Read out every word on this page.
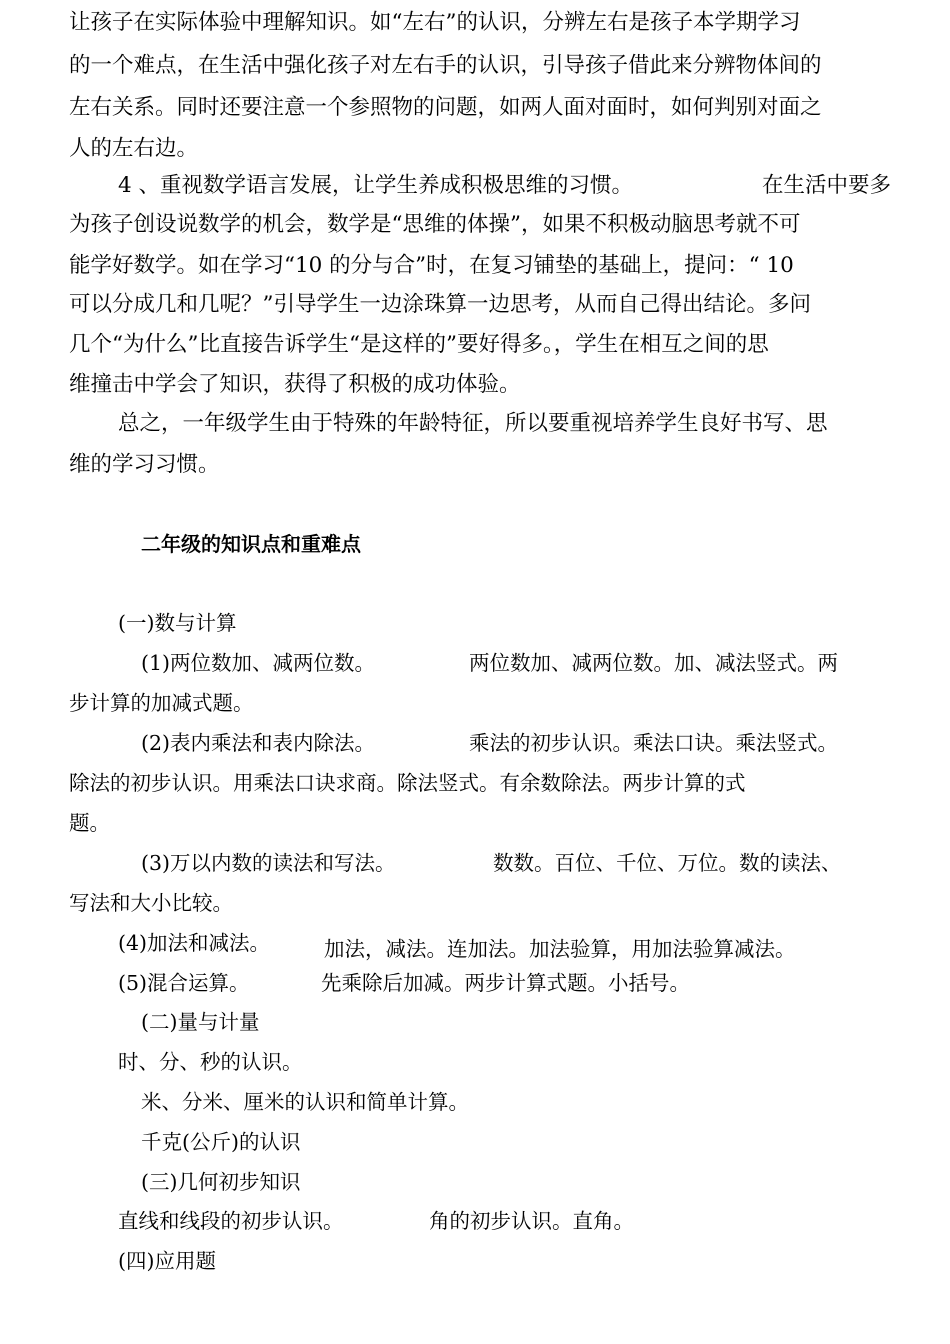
让孩子在实际体验中理解知识。如“左右”的认识，分辨左右是孩子本学期学习

的一个难点，在生活中强化孩子对左右手的认识，引导孩子借此来分辨物体间的

左右关系。同时还要注意一个参照物的问题，如两人面对面时，如何判别对面之

人的左右边。

4 、重视数学语言发展，让学生养成积极思维的习惯。	在生活中要多

为孩子创设说数学的机会，数学是“思维的体操”，如果不积极动脑思考就不可

能学好数学。如在学习“10 的分与合”时，在复习铺垫的基础上，提问：“ 10

可以分成几和几呢？”引导学生一边涂珠算一边思考，从而自己得出结论。多问

几个“为什么”比直接告诉学生“是这样的”要好得多。，学生在相互之间的思

维撞击中学会了知识，获得了积极的成功体验。

总之，一年级学生由于特殊的年龄特征，所以要重视培养学生良好书写、思

维的学习习惯。

二年级的知识点和重难点

(一)数与计算

(1)两位数加、减两位数。	两位数加、减两位数。加、减法竖式。两

步计算的加减式题。

(2)表内乘法和表内除法。	乘法的初步认识。乘法口诀。乘法竖式。

除法的初步认识。用乘法口诀求商。除法竖式。有余数除法。两步计算的式

题。

(3)万以内数的读法和写法。	数数。百位、千位、万位。数的读法、

写法和大小比较。

(4)加法和减法。	加法，减法。连加法。加法验算，用加法验算减法。

(5)混合运算。	先乘除后加减。两步计算式题。小括号。

(二)量与计量

时、分、秒的认识。

米、分米、厘米的认识和简单计算。

千克(公斤)的认识

(三)几何初步知识

直线和线段的初步认识。	角的初步认识。直角。

(四)应用题
